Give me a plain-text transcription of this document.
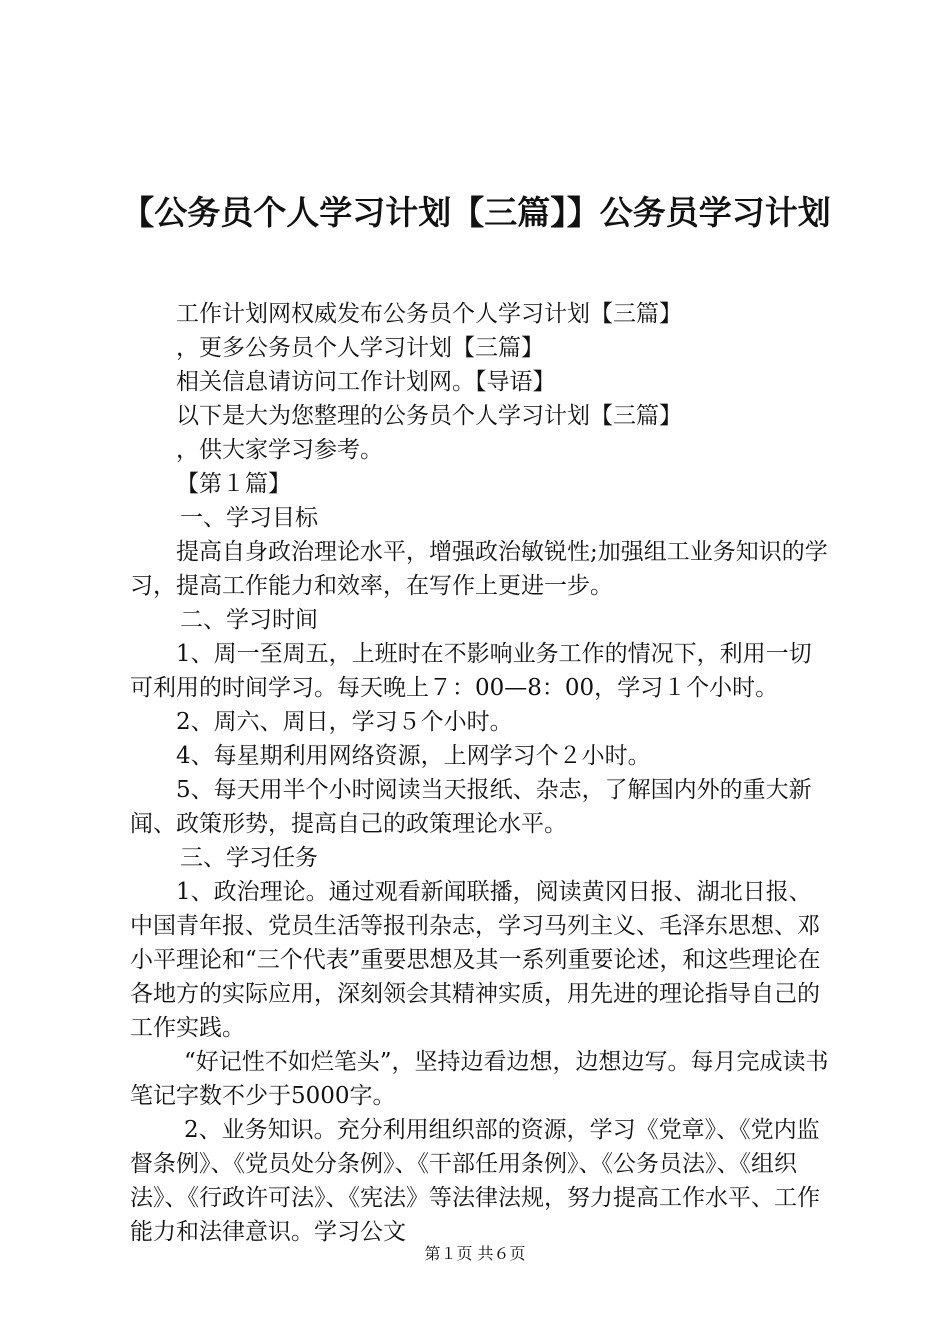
【公务员个人学习计划【三篇】】公务员学习计划

工作计划网权威发布公务员个人学习计划【三篇】

，更多公务员个人学习计划【三篇】

相关信息请访问工作计划网。【导语】

以下是大为您整理的公务员个人学习计划【三篇】

，供大家学习参考。

【第１篇】

一、学习目标

提高自身政治理论水平，增强政治敏锐性;加强组工业务知识的学习，提高工作能力和效率，在写作上更进一步。

二、学习时间

1、周一至周五，上班时在不影响业务工作的情况下，利用一切可利用的时间学习。每天晚上７：00—8：00，学习１个小时。

2、周六、周日，学习５个小时。

4、每星期利用网络资源，上网学习个２小时。

5、每天用半个小时阅读当天报纸、杂志，了解国内外的重大新闻、政策形势，提高自己的政策理论水平。

三、学习任务

1、政治理论。通过观看新闻联播，阅读黄冈日报、湖北日报、中国青年报、党员生活等报刊杂志，学习马列主义、毛泽东思想、邓小平理论和“三个代表”重要思想及其一系列重要论述，和这些理论在各地方的实际应用，深刻领会其精神实质，用先进的理论指导自己的工作实践。

“好记性不如烂笔头”，坚持边看边想，边想边写。每月完成读书笔记字数不少于5000字。

2、业务知识。充分利用组织部的资源，学习《党章》、《党内监督条例》、《党员处分条例》、《干部任用条例》、《公务员法》、《组织法》、《行政许可法》、《宪法》等法律法规，努力提高工作水平、工作能力和法律意识。学习公文

第１页 共６页
